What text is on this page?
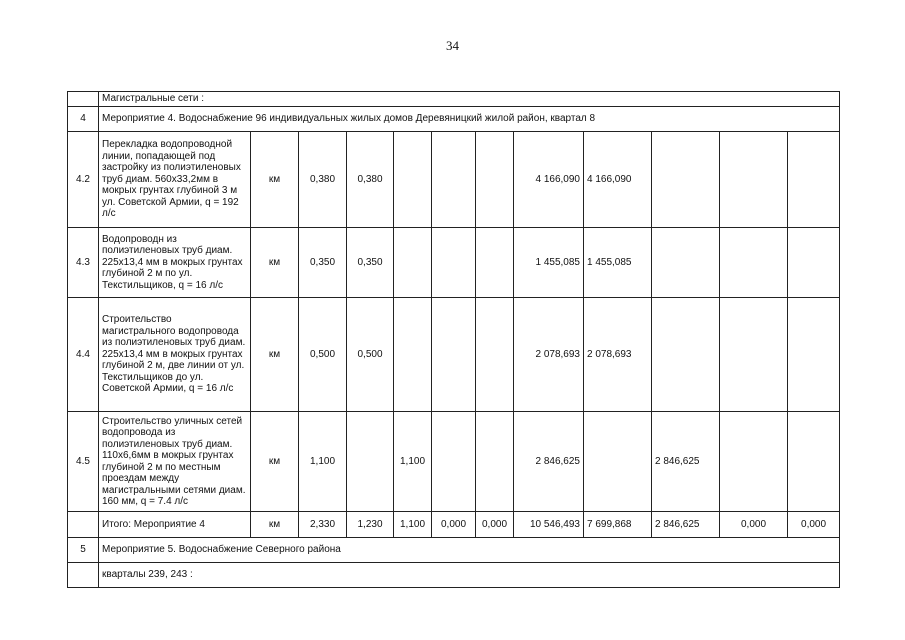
34
	Магистральные сети :											
4	Мероприятие 4. Водоснабжение 96 индивидуальных жилых домов Деревяницкий жилой район, квартал 8											
4.2	Перекладка водопроводной линии, попадающей под застройку из полиэтиленовых труб диам. 560х33,2мм в мокрых грунтах глубиной 3 м ул. Советской Армии, q = 192 л/с	км	0,380	0,380				4 166,090	4 166,090			
4.3	Водопроводн из полиэтиленовых труб диам. 225х13,4 мм в мокрых грунтах глубиной 2 м по ул. Текстильщиков, q = 16 л/с	км	0,350	0,350				1 455,085	1 455,085			
4.4	Строительство магистрального водопровода из полиэтиленовых труб диам. 225х13,4 мм в мокрых грунтах глубиной 2 м, две линии от ул. Текстильщиков до ул. Советской Армии, q = 16 л/с	км	0,500	0,500				2 078,693	2 078,693			
4.5	Строительство уличных сетей водопровода из полиэтиленовых труб диам. 110х6,6мм в мокрых грунтах глубиной 2 м по местным проездам между магистральными сетями диам. 160 мм, q = 7.4 л/с	км	1,100		1,100			2 846,625		2 846,625		
	Итого: Мероприятие 4	км	2,330	1,230	1,100	0,000	0,000	10 546,493	7 699,868	2 846,625	0,000	0,000
5	Мероприятие 5. Водоснабжение Северного района											
	кварталы 239, 243 :											
